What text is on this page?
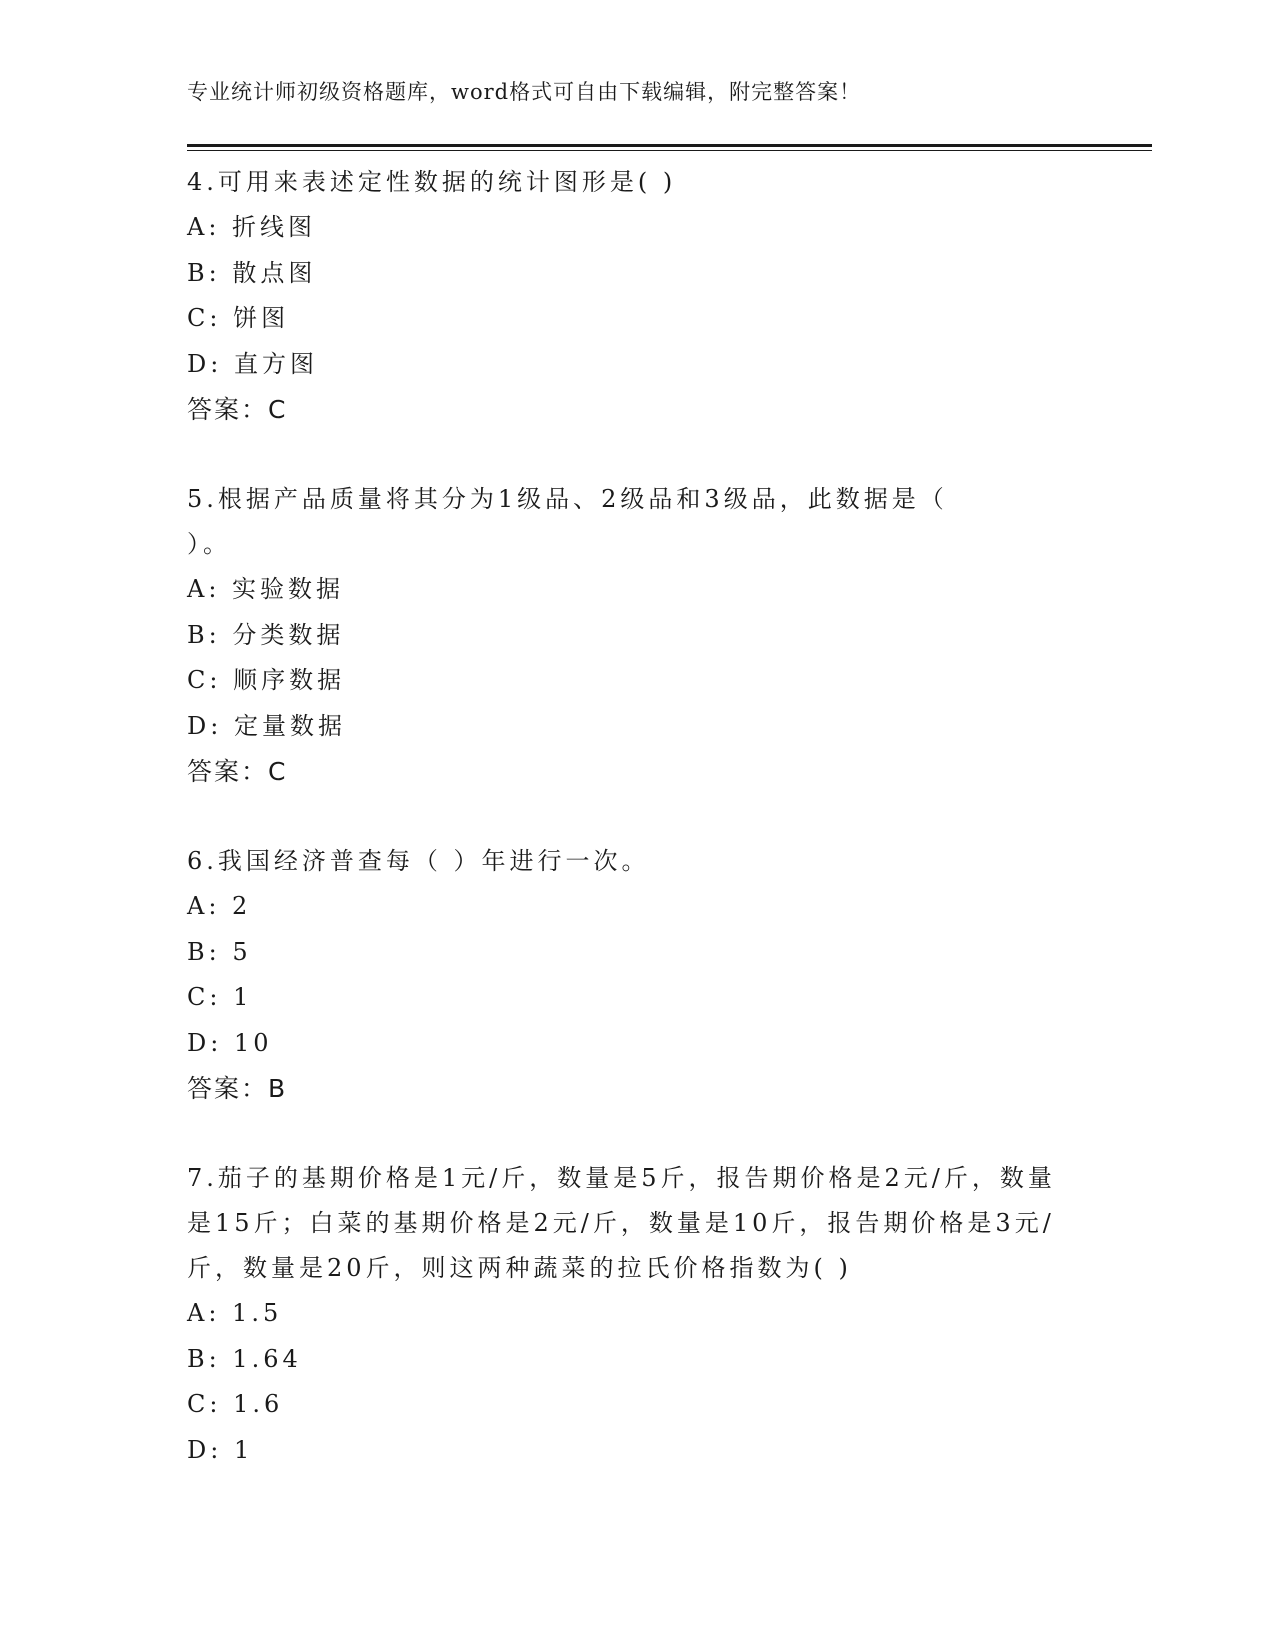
专业统计师初级资格题库，word格式可自由下载编辑，附完整答案！

4.可用来表述定性数据的统计图形是( )

A: 折线图

B: 散点图

C: 饼图

D: 直方图

答案：C

5.根据产品质量将其分为1级品、2级品和3级品，此数据是（ ）。

A: 实验数据

B: 分类数据

C: 顺序数据

D: 定量数据

答案：C

6.我国经济普查每（ ）年进行一次。

A: 2

B: 5

C: 1

D: 10

答案：B

7.茄子的基期价格是1元/斤，数量是5斤，报告期价格是2元/斤，数量是15斤；白菜的基期价格是2元/斤，数量是10斤，报告期价格是3元/斤，数量是20斤，则这两种蔬菜的拉氏价格指数为( )

A: 1.5

B: 1.64

C: 1.6

D: 1
